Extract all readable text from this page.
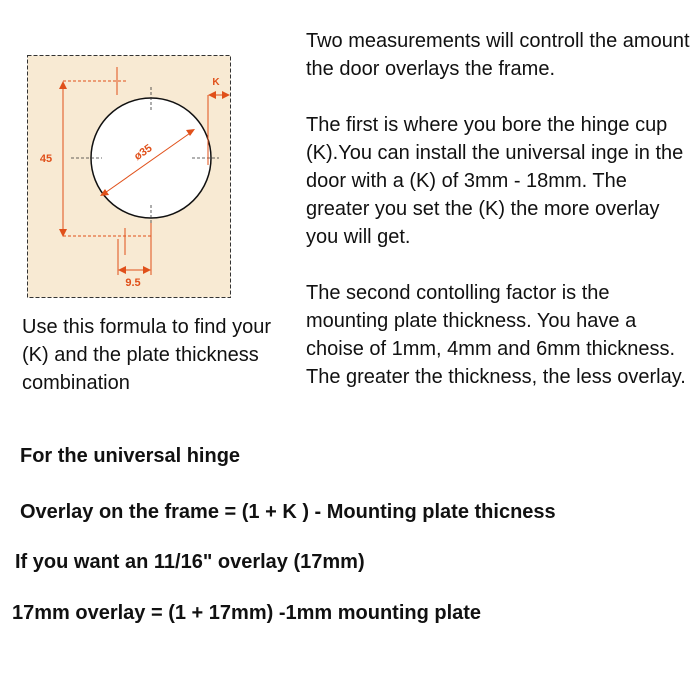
K
45	ø35
9.5

Use this formula to find your (K) and the plate thickness combination

Two measurements will controll the amount the door overlays the frame.

The first is where you bore the hinge cup (K).You can install the universal inge in the door with a (K) of 3mm - 18mm. The greater you set the (K) the more overlay you will get.

The second contolling factor is the mounting plate thickness. You have a choise of 1mm, 4mm and 6mm thickness. The greater the thickness, the less overlay.

For the universal hinge

Overlay on the frame = (1 + K ) - Mounting plate thicness

If you want an 11/16" overlay (17mm)

17mm overlay = (1 + 17mm) -1mm mounting plate
